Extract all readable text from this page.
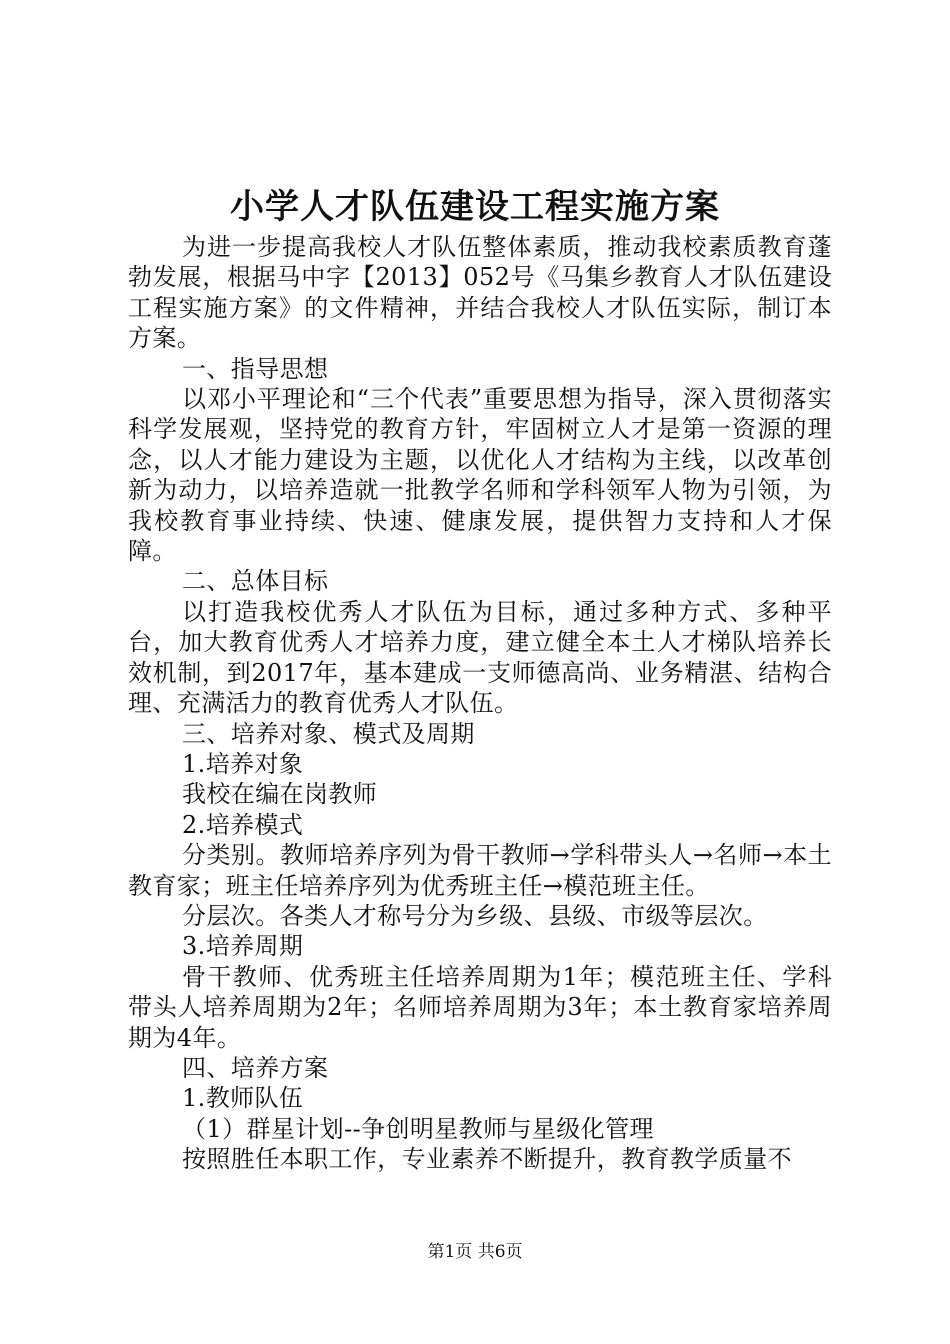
小学人才队伍建设工程实施方案

为进一步提高我校人才队伍整体素质，推动我校素质教育蓬勃发展，根据马中字【2013】052号《马集乡教育人才队伍建设工程实施方案》的文件精神，并结合我校人才队伍实际，制订本方案。

一、指导思想

以邓小平理论和“三个代表”重要思想为指导，深入贯彻落实科学发展观，坚持党的教育方针，牢固树立人才是第一资源的理念，以人才能力建设为主题，以优化人才结构为主线，以改革创新为动力，以培养造就一批教学名师和学科领军人物为引领，为我校教育事业持续、快速、健康发展，提供智力支持和人才保障。

二、总体目标

以打造我校优秀人才队伍为目标，通过多种方式、多种平台，加大教育优秀人才培养力度，建立健全本土人才梯队培养长效机制，到2017年，基本建成一支师德高尚、业务精湛、结构合理、充满活力的教育优秀人才队伍。

三、培养对象、模式及周期

1.培养对象

我校在编在岗教师

2.培养模式

分类别。教师培养序列为骨干教师→学科带头人→名师→本土教育家；班主任培养序列为优秀班主任→模范班主任。

分层次。各类人才称号分为乡级、县级、市级等层次。

3.培养周期

骨干教师、优秀班主任培养周期为1年；模范班主任、学科带头人培养周期为2年；名师培养周期为3年；本土教育家培养周期为4年。

四、培养方案

1.教师队伍

（1）群星计划--争创明星教师与星级化管理

按照胜任本职工作，专业素养不断提升，教育教学质量不

第1页 共6页
